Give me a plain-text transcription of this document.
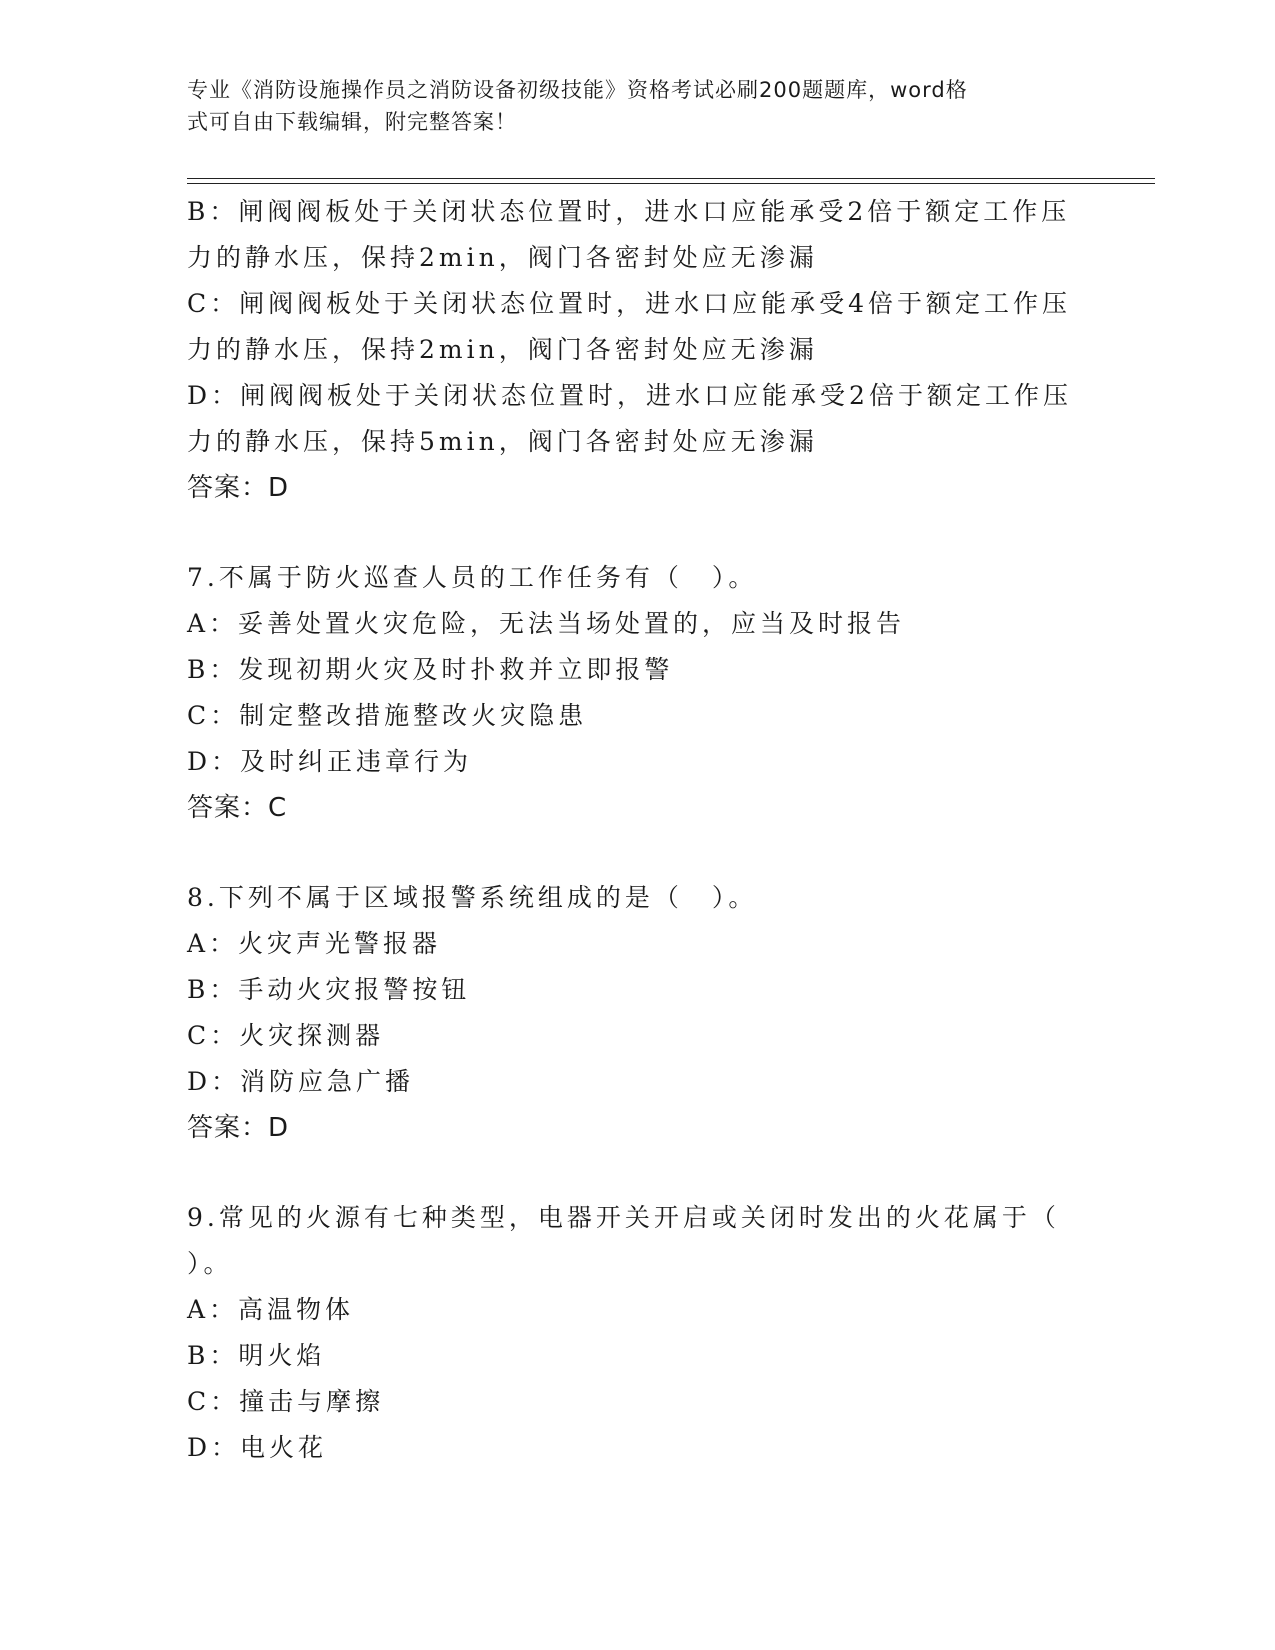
专业《消防设施操作员之消防设备初级技能》资格考试必刷200题题库，word格
式可自由下载编辑，附完整答案！
B：闸阀阀板处于关闭状态位置时，进水口应能承受2倍于额定工作压
力的静水压，保持2min，阀门各密封处应无渗漏
C：闸阀阀板处于关闭状态位置时，进水口应能承受4倍于额定工作压
力的静水压，保持2min，阀门各密封处应无渗漏
D：闸阀阀板处于关闭状态位置时，进水口应能承受2倍于额定工作压
力的静水压，保持5min，阀门各密封处应无渗漏
答案：D
7.不属于防火巡查人员的工作任务有（　）。
A：妥善处置火灾危险，无法当场处置的，应当及时报告
B：发现初期火灾及时扑救并立即报警
C：制定整改措施整改火灾隐患
D：及时纠正违章行为
答案：C
8.下列不属于区域报警系统组成的是（　）。
A：火灾声光警报器
B：手动火灾报警按钮
C：火灾探测器
D：消防应急广播
答案：D
9.常见的火源有七种类型，电器开关开启或关闭时发出的火花属于（
）。
A：高温物体
B：明火焰
C：撞击与摩擦
D：电火花
